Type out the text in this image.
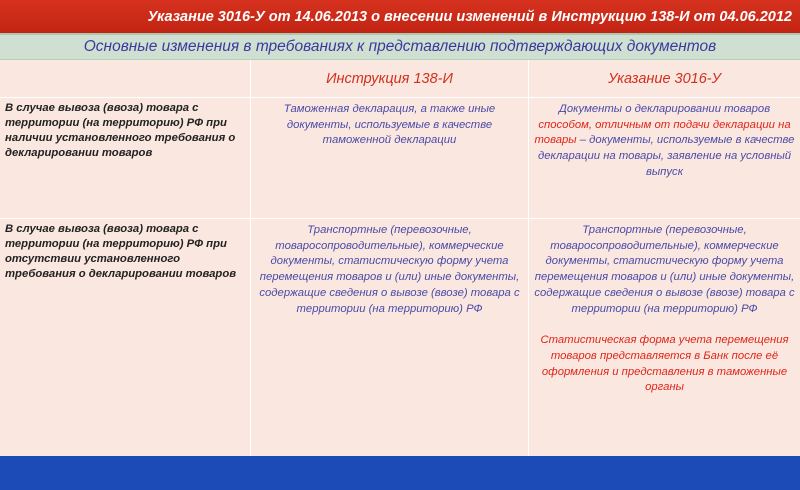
Указание 3016-У от 14.06.2013 о внесении изменений в Инструкцию 138-И от 04.06.2012
Основные изменения в требованиях к представлению подтверждающих документов
Инструкция 138-И	Указание 3016-У
В случае вывоза (ввоза) товара с территории (на территорию) РФ при наличии установленного требования о декларировании товаров
Таможенная декларация, а также иные документы, используемые в качестве таможенной декларации
Документы о декларировании товаров способом, отличным от подачи декларации на товары – документы, используемые в качестве декларации на товары, заявление на условный выпуск
В случае вывоза (ввоза) товара с территории (на территорию) РФ при отсутствии установленного требования о декларировании товаров
Транспортные (перевозочные, товаросопроводительные), коммерческие документы, статистическую форму учета перемещения товаров и (или) иные документы, содержащие сведения о вывозе (ввозе) товара с территории (на территорию) РФ
Транспортные (перевозочные, товаросопроводительные), коммерческие документы, статистическую форму учета перемещения товаров и (или) иные документы, содержащие сведения о вывозе (ввозе) товара с территории (на территорию) РФ
Статистическая форма учета перемещения товаров представляется в Банк после её оформления и представления в таможенные органы
